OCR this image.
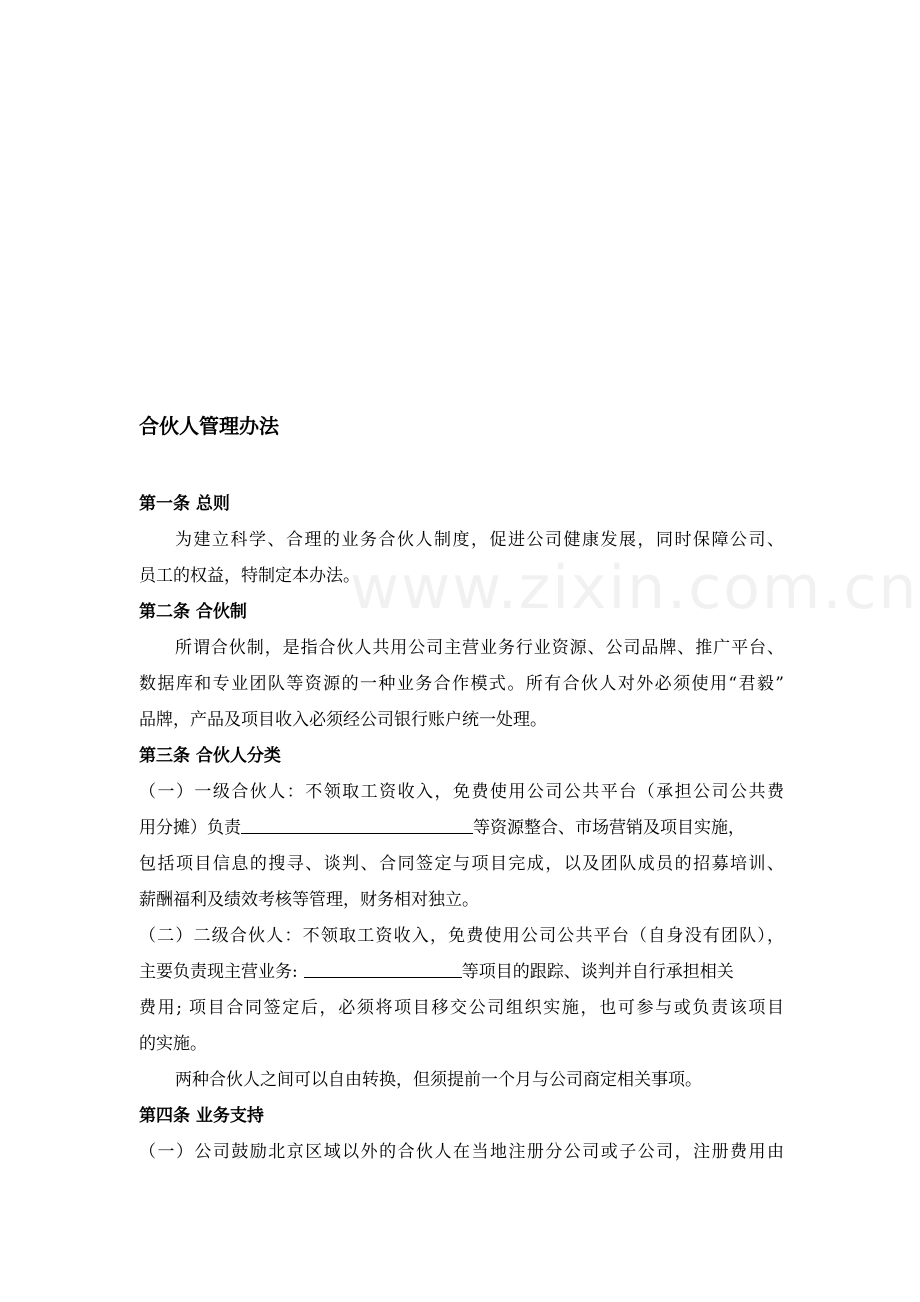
www.zixin.com.cn
合伙人管理办法
第一条 总则
为建立科学、合理的业务合伙人制度，促进公司健康发展，同时保障公司、
员工的权益，特制定本办法。
第二条 合伙制
所谓合伙制，是指合伙人共用公司主营业务行业资源、公司品牌、推广平台、
数据库和专业团队等资源的一种业务合作模式。所有合伙人对外必须使用“君毅”
品牌，产品及项目收入必须经公司银行账户统一处理。
第三条 合伙人分类
（一）一级合伙人：不领取工资收入，免费使用公司公共平台（承担公司公共费
用分摊）负责	等资源整合、市场营销及项目实施，
包括项目信息的搜寻、谈判、合同签定与项目完成，以及团队成员的招募培训、
薪酬福利及绩效考核等管理，财务相对独立。
（二）二级合伙人：不领取工资收入，免费使用公司公共平台（自身没有团队），
主要负责现主营业务:	等项目的跟踪、谈判并自行承担相关
费用; 项目合同签定后，必须将项目移交公司组织实施，也可参与或负责该项目
的实施。
两种合伙人之间可以自由转换，但须提前一个月与公司商定相关事项。
第四条 业务支持
（一）公司鼓励北京区域以外的合伙人在当地注册分公司或子公司，注册费用由
